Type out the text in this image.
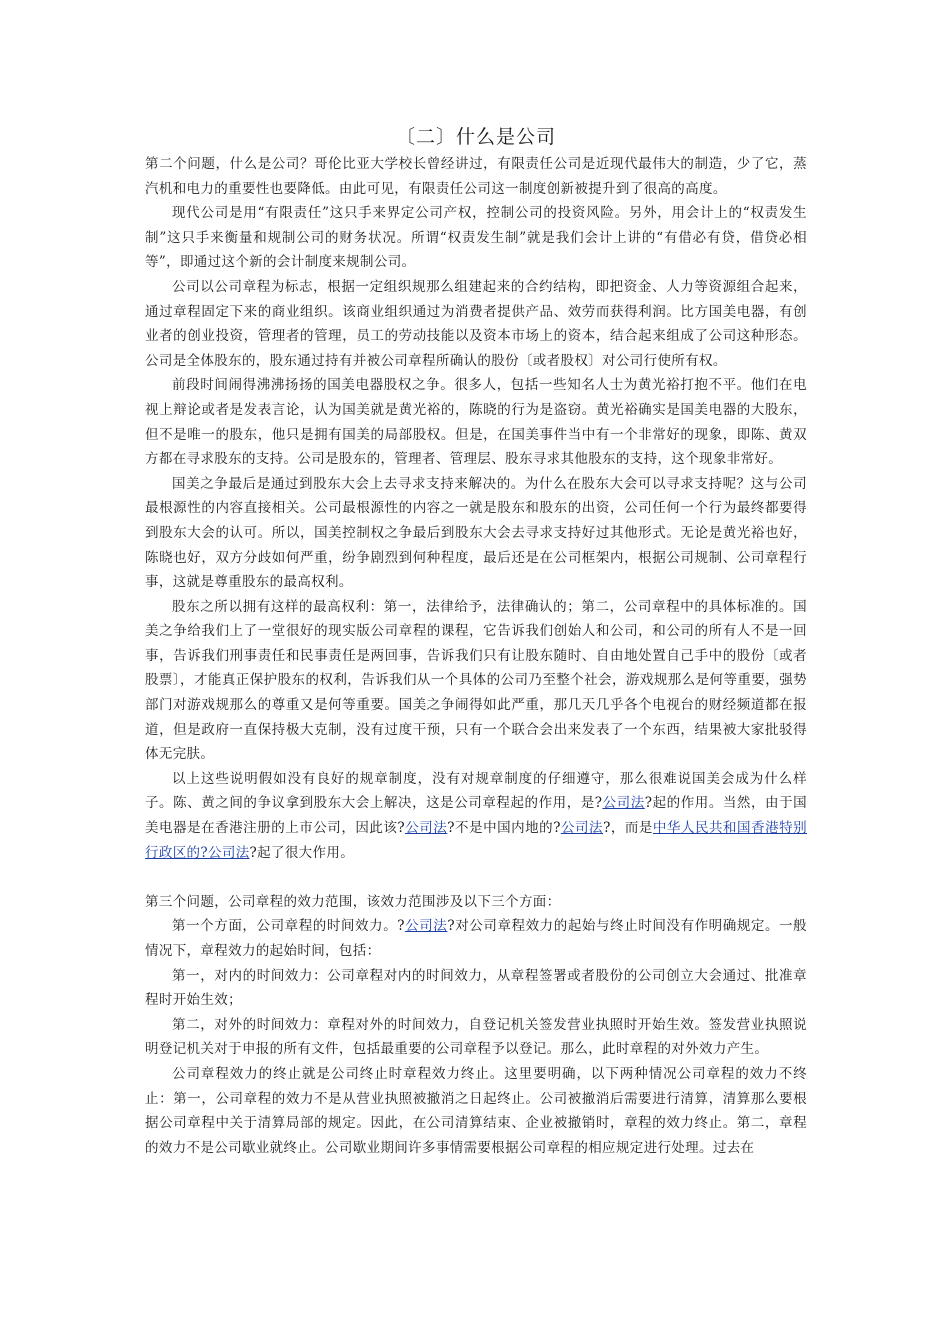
〔二〕什么是公司

第二个问题，什么是公司？哥伦比亚大学校长曾经讲过，有限责任公司是近现代最伟大的制造，少了它，蒸汽机和电力的重要性也要降低。由此可见，有限责任公司这一制度创新被提升到了很高的高度。

现代公司是用“有限责任”这只手来界定公司产权，控制公司的投资风险。另外，用会计上的“权责发生制”这只手来衡量和规制公司的财务状况。所谓“权责发生制”就是我们会计上讲的“有借必有贷，借贷必相等”，即通过这个新的会计制度来规制公司。

公司以公司章程为标志，根据一定组织规那么组建起来的合约结构，即把资金、人力等资源组合起来，通过章程固定下来的商业组织。该商业组织通过为消费者提供产品、效劳而获得利润。比方国美电器，有创业者的创业投资，管理者的管理，员工的劳动技能以及资本市场上的资本，结合起来组成了公司这种形态。公司是全体股东的，股东通过持有并被公司章程所确认的股份〔或者股权〕对公司行使所有权。

前段时间闹得沸沸扬扬的国美电器股权之争。很多人，包括一些知名人士为黄光裕打抱不平。他们在电视上辩论或者是发表言论，认为国美就是黄光裕的，陈晓的行为是盗窃。黄光裕确实是国美电器的大股东，但不是唯一的股东，他只是拥有国美的局部股权。但是，在国美事件当中有一个非常好的现象，即陈、黄双方都在寻求股东的支持。公司是股东的，管理者、管理层、股东寻求其他股东的支持，这个现象非常好。

国美之争最后是通过到股东大会上去寻求支持来解决的。为什么在股东大会可以寻求支持呢？这与公司最根源性的内容直接相关。公司最根源性的内容之一就是股东和股东的出资，公司任何一个行为最终都要得到股东大会的认可。所以，国美控制权之争最后到股东大会去寻求支持好过其他形式。无论是黄光裕也好，陈晓也好，双方分歧如何严重，纷争剧烈到何种程度，最后还是在公司框架内，根据公司规制、公司章程行事，这就是尊重股东的最高权利。

股东之所以拥有这样的最高权利：第一，法律给予，法律确认的；第二，公司章程中的具体标准的。国美之争给我们上了一堂很好的现实版公司章程的课程，它告诉我们创始人和公司，和公司的所有人不是一回事，告诉我们刑事责任和民事责任是两回事，告诉我们只有让股东随时、自由地处置自己手中的股份〔或者股票〕，才能真正保护股东的权利，告诉我们从一个具体的公司乃至整个社会，游戏规那么是何等重要，强势部门对游戏规那么的尊重又是何等重要。国美之争闹得如此严重，那几天几乎各个电视台的财经频道都在报道，但是政府一直保持极大克制，没有过度干预，只有一个联合会出来发表了一个东西，结果被大家批驳得体无完肤。

以上这些说明假如没有良好的规章制度，没有对规章制度的仔细遵守，那么很难说国美会成为什么样子。陈、黄之间的争议拿到股东大会上解决，这是公司章程起的作用，是?公司法?起的作用。当然，由于国美电器是在香港注册的上市公司，因此该?公司法?不是中国内地的?公司法?，而是中华人民共和国香港特别行政区的?公司法?起了很大作用。

第三个问题，公司章程的效力范围，该效力范围涉及以下三个方面：

第一个方面，公司章程的时间效力。?公司法?对公司章程效力的起始与终止时间没有作明确规定。一般情况下，章程效力的起始时间，包括：

第一，对内的时间效力：公司章程对内的时间效力，从章程签署或者股份的公司创立大会通过、批准章程时开始生效；

第二，对外的时间效力：章程对外的时间效力，自登记机关签发营业执照时开始生效。签发营业执照说明登记机关对于申报的所有文件，包括最重要的公司章程予以登记。那么，此时章程的对外效力产生。

公司章程效力的终止就是公司终止时章程效力终止。这里要明确，以下两种情况公司章程的效力不终止：第一，公司章程的效力不是从营业执照被撤消之日起终止。公司被撤消后需要进行清算，清算那么要根据公司章程中关于清算局部的规定。因此，在公司清算结束、企业被撤销时，章程的效力终止。第二，章程的效力不是公司歇业就终止。公司歇业期间许多事情需要根据公司章程的相应规定进行处理。过去在
